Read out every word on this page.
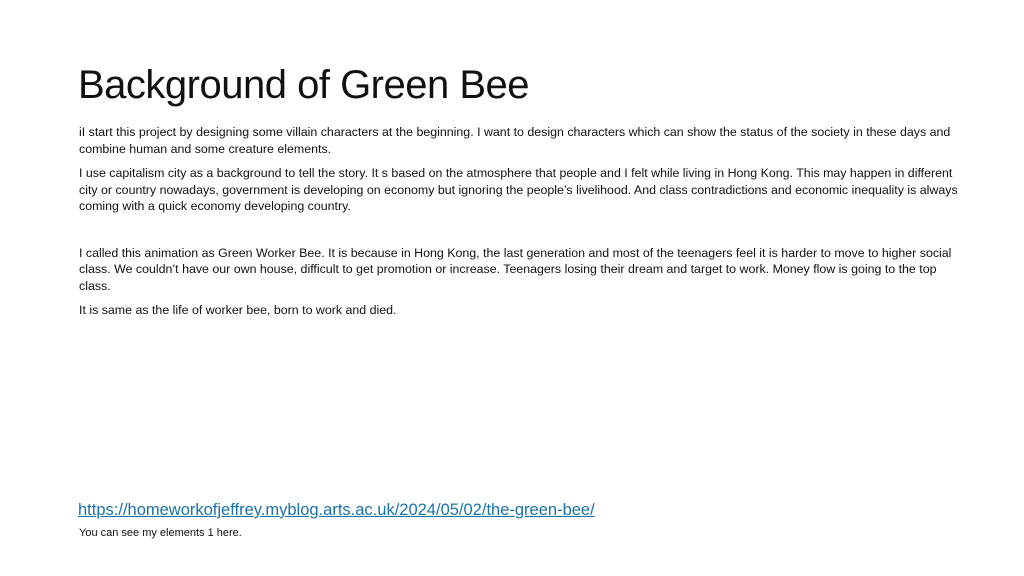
Background of Green Bee

iI start this project by designing some villain characters at the beginning. I want to design characters which can show the status of the society in these days and combine human and some creature elements.

I use capitalism city as a background to tell the story. It s based on the atmosphere that people and I felt while living in Hong Kong. This may happen in different city or country nowadays, government is developing on economy but ignoring the people’s livelihood. And class contradictions and economic inequality is always coming with a quick economy developing country.

I called this animation as Green Worker Bee. It is because in Hong Kong, the last generation and most of the teenagers feel it is harder to move to higher social class. We couldn’t have our own house, difficult to get promotion or increase. Teenagers losing their dream and target to work. Money flow is going to the top class.

It is same as the life of worker bee, born to work and died.

https://homeworkofjeffrey.myblog.arts.ac.uk/2024/05/02/the-green-bee/
You can see my elements 1 here.
